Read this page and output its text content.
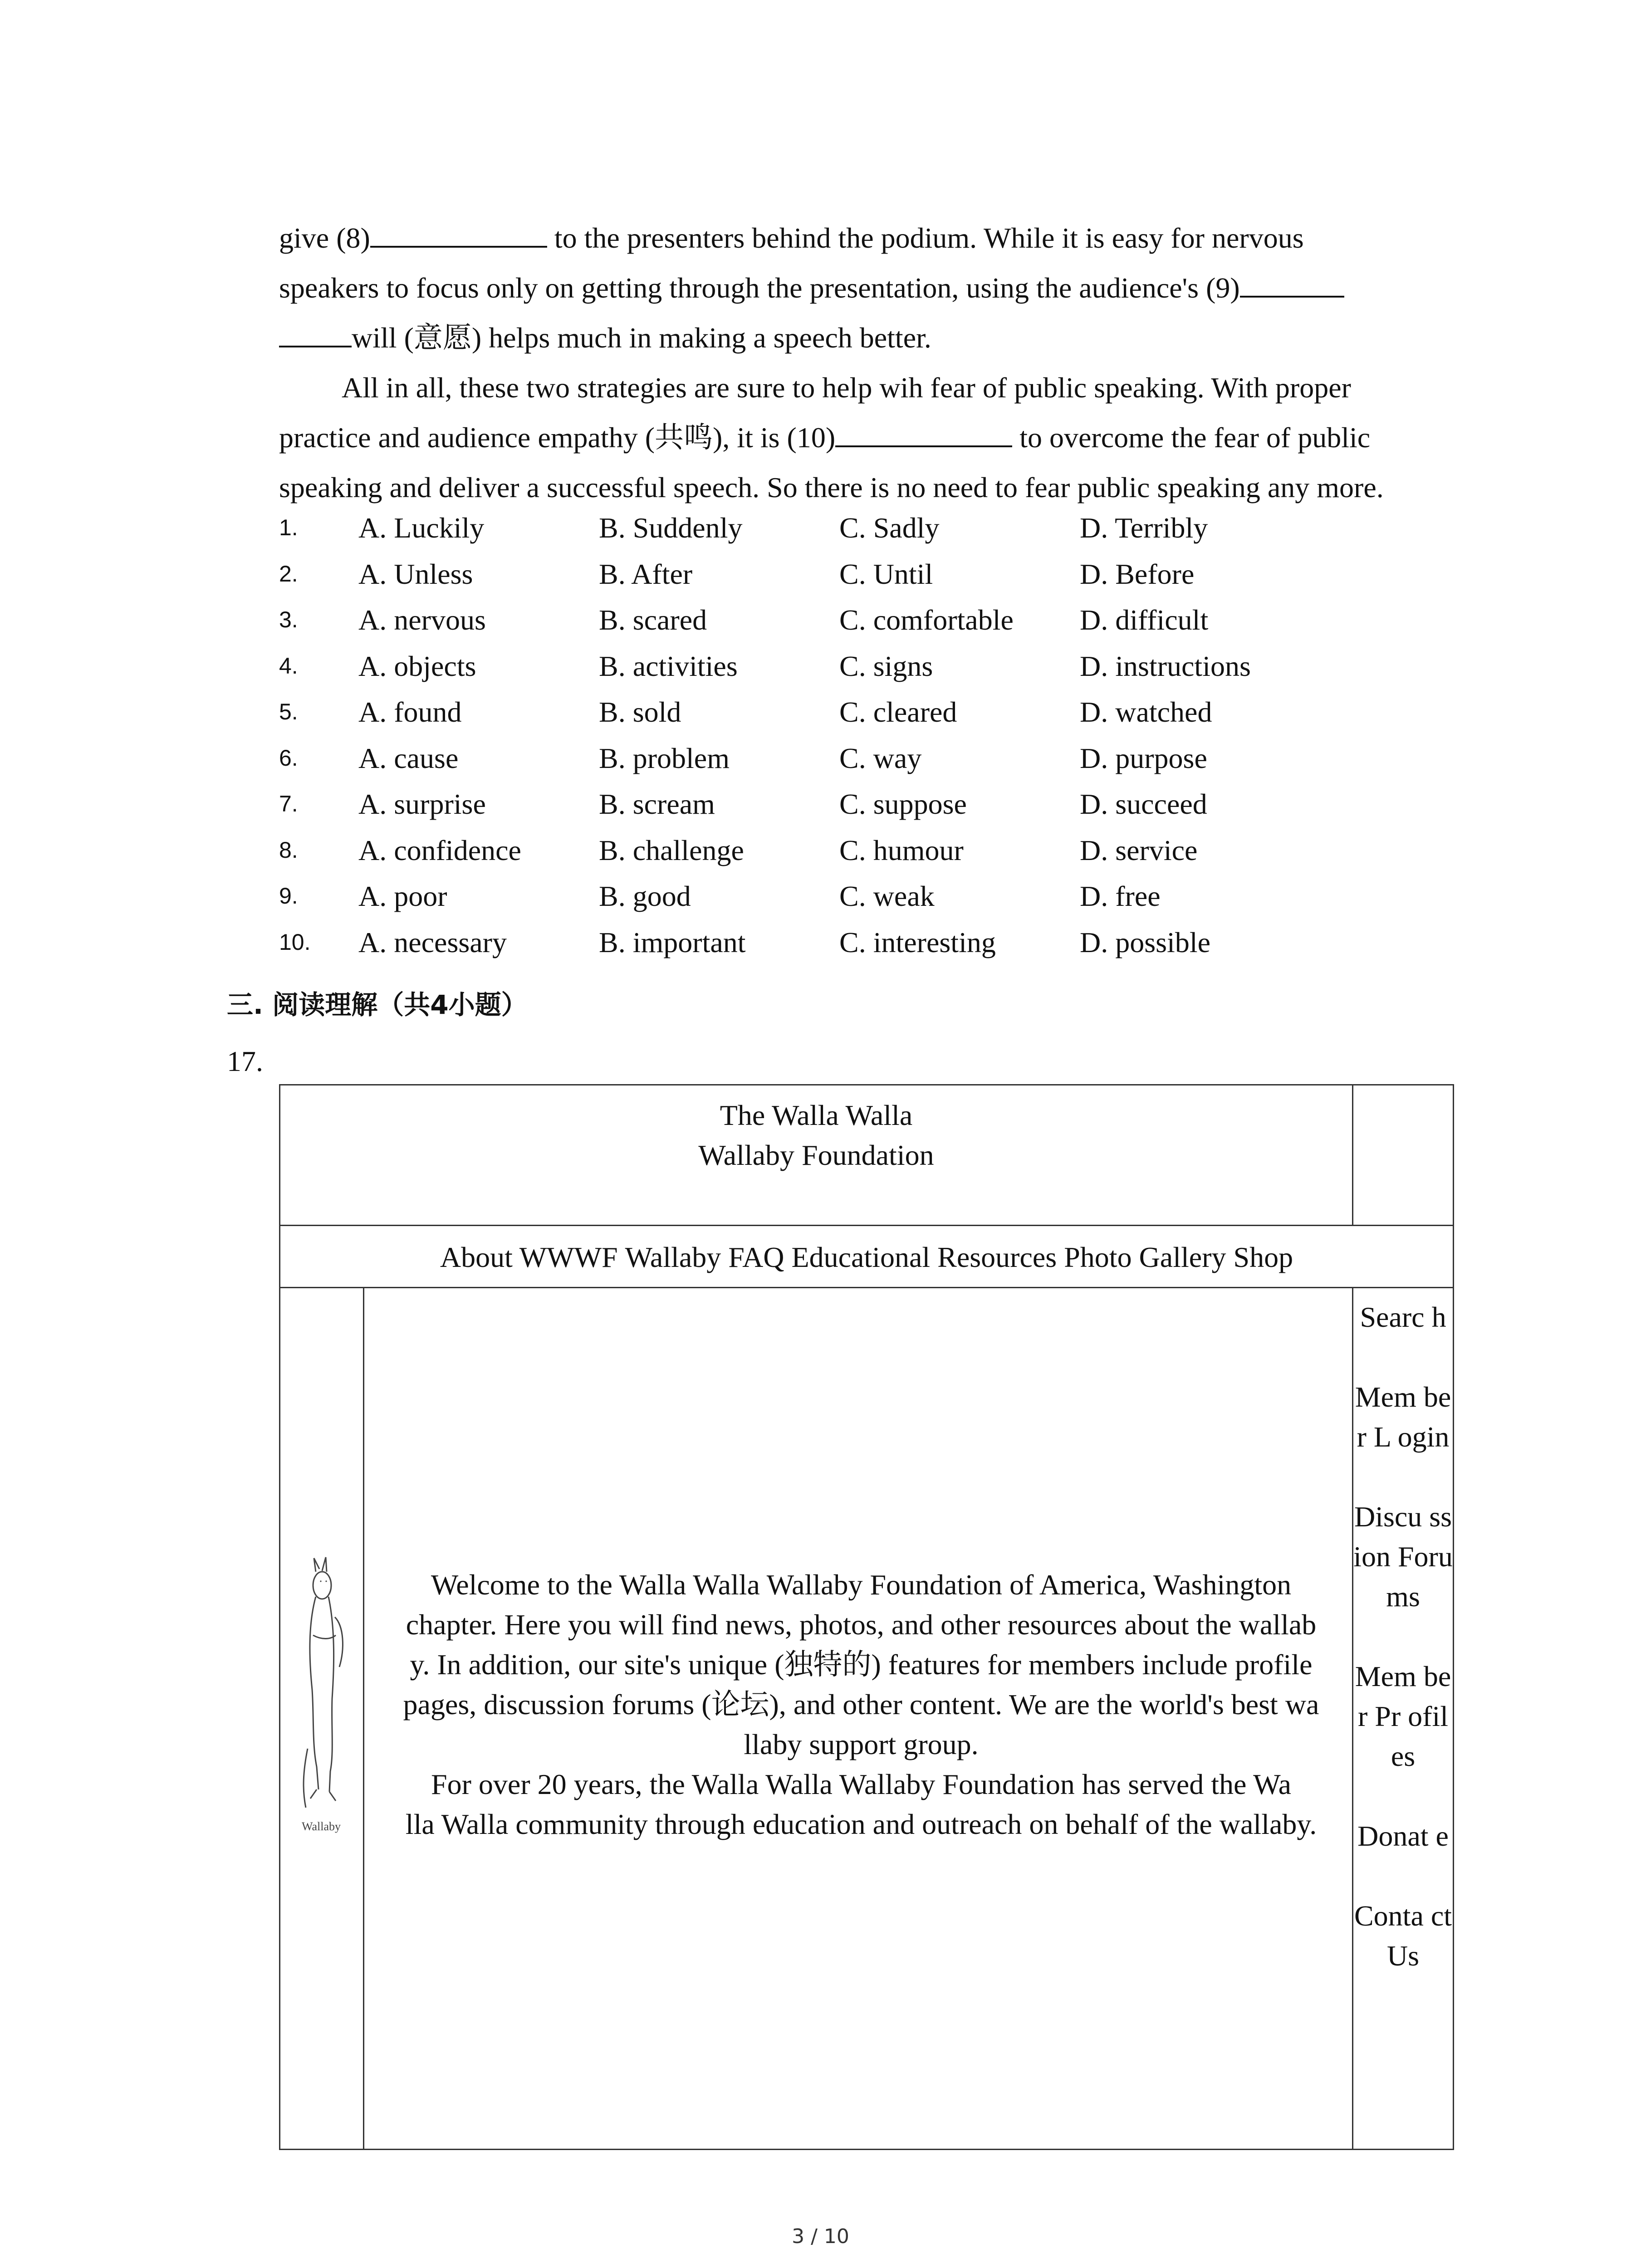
give (8)	to the presenters behind the podium. While it is easy for nervous
speakers to focus only on getting through the presentation, using the audience's (9)
will (意愿) helps much in making a speech better.
All in all, these two strategies are sure to help wih fear of public speaking. With proper
practice and audience empathy (共鸣), it is (10)	to overcome the fear of public
speaking and deliver a successful speech. So there is no need to fear public speaking any more.
1. A. Luckily	B. Suddenly	C. Sadly	D. Terribly
2. A. Unless	B. After	C. Until	D. Before
3. A. nervous	B. scared	C. comfortable D. difficult
4. A. objects	B. activities	C. signs	D. instructions
5. A. found	B. sold	C. cleared	D. watched
6. A. cause	B. problem	C. way	D. purpose
7. A. surprise	B. scream	C. suppose	D. succeed
8. A. confidence	B. challenge	C. humour	D. service
9. A. poor	B. good	C. weak	D. free
10. A. necessary	B. important	C. interesting	D. possible
三. 阅读理解（共4小题）
17.
The Walla Walla
Wallaby Foundation
About WWWF Wallaby FAQ Educational Resources Photo Gallery Shop
Wallaby
Welcome to the Walla Walla Wallaby Foundation of America, Washington
chapter. Here you will find news, photos, and other resources about the wallab
y. In addition, our site's unique (独特的) features for members include profile
pages, discussion forums (论坛), and other content. We are the world's best wa
llaby support group.
For over 20 years, the Walla Walla Wallaby Foundation has served the Wa
lla Walla community through education and outreach on behalf of the wallaby.
Searc h
Mem ber L ogin
Discu ssion Foru ms
Mem ber Pr ofiles
Donat e
Conta ct Us
3 / 10
